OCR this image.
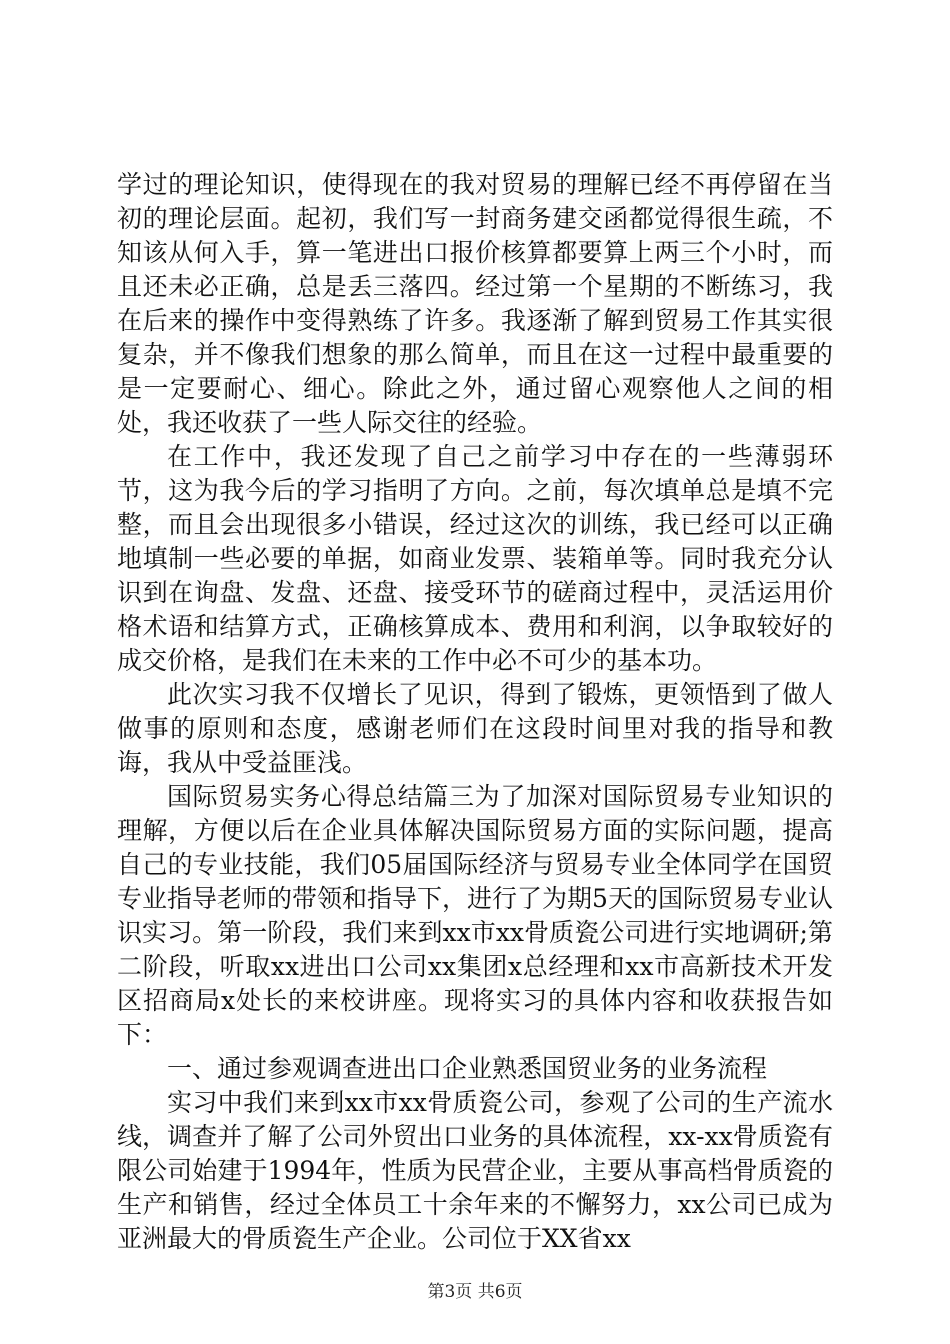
学过的理论知识，使得现在的我对贸易的理解已经不再停留在当初的理论层面。起初，我们写一封商务建交函都觉得很生疏，不知该从何入手，算一笔进出口报价核算都要算上两三个小时，而且还未必正确，总是丢三落四。经过第一个星期的不断练习，我在后来的操作中变得熟练了许多。我逐渐了解到贸易工作其实很复杂，并不像我们想象的那么简单，而且在这一过程中最重要的是一定要耐心、细心。除此之外，通过留心观察他人之间的相处，我还收获了一些人际交往的经验。

在工作中，我还发现了自己之前学习中存在的一些薄弱环节，这为我今后的学习指明了方向。之前，每次填单总是填不完整，而且会出现很多小错误，经过这次的训练，我已经可以正确地填制一些必要的单据，如商业发票、装箱单等。同时我充分认识到在询盘、发盘、还盘、接受环节的磋商过程中，灵活运用价格术语和结算方式，正确核算成本、费用和利润，以争取较好的成交价格，是我们在未来的工作中必不可少的基本功。

此次实习我不仅增长了见识，得到了锻炼，更领悟到了做人做事的原则和态度，感谢老师们在这段时间里对我的指导和教诲，我从中受益匪浅。

国际贸易实务心得总结篇三为了加深对国际贸易专业知识的理解，方便以后在企业具体解决国际贸易方面的实际问题，提高自己的专业技能，我们05届国际经济与贸易专业全体同学在国贸专业指导老师的带领和指导下，进行了为期5天的国际贸易专业认识实习。第一阶段，我们来到xx市xx骨质瓷公司进行实地调研;第二阶段，听取xx进出口公司xx集团x总经理和xx市高新技术开发区招商局x处长的来校讲座。现将实习的具体内容和收获报告如下：

一、通过参观调查进出口企业熟悉国贸业务的业务流程

实习中我们来到xx市xx骨质瓷公司，参观了公司的生产流水线，调查并了解了公司外贸出口业务的具体流程，xx-xx骨质瓷有限公司始建于1994年，性质为民营企业，主要从事高档骨质瓷的生产和销售，经过全体员工十余年来的不懈努力，xx公司已成为亚洲最大的骨质瓷生产企业。公司位于XX省xx

第3页 共6页
